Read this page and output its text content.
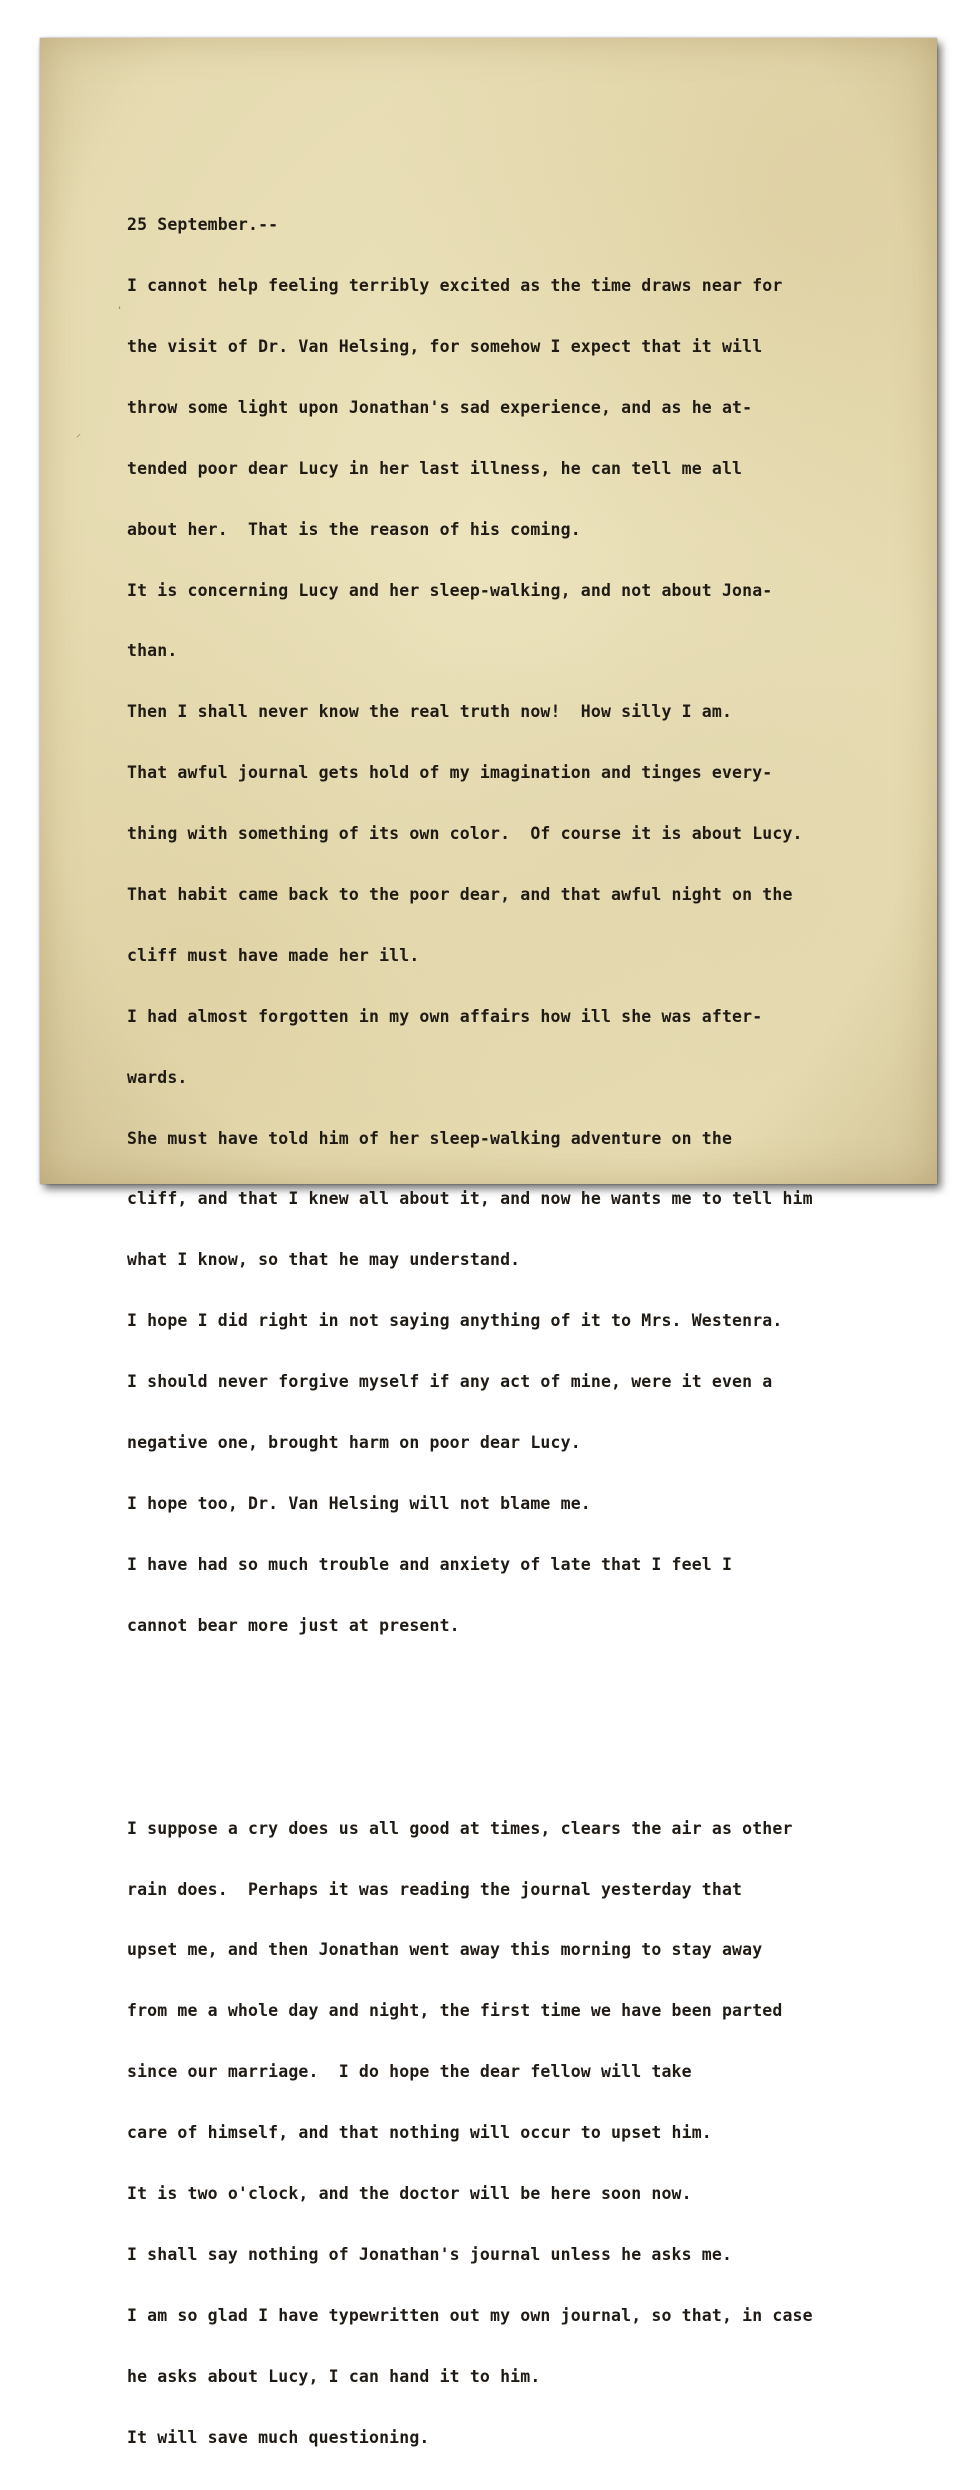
25 September.--

I cannot help feeling terribly excited as the time draws near for

the visit of Dr. Van Helsing, for somehow I expect that it will

throw some light upon Jonathan's sad experience, and as he at-

tended poor dear Lucy in her last illness, he can tell me all

about her.  That is the reason of his coming.

It is concerning Lucy and her sleep-walking, and not about Jona-

than.

Then I shall never know the real truth now!  How silly I am.

That awful journal gets hold of my imagination and tinges every-

thing with something of its own color.  Of course it is about Lucy.

That habit came back to the poor dear, and that awful night on the

cliff must have made her ill.

I had almost forgotten in my own affairs how ill she was after-

wards.

She must have told him of her sleep-walking adventure on the

cliff, and that I knew all about it, and now he wants me to tell him

what I know, so that he may understand.

I hope I did right in not saying anything of it to Mrs. Westenra.

I should never forgive myself if any act of mine, were it even a

negative one, brought harm on poor dear Lucy.

I hope too, Dr. Van Helsing will not blame me.

I have had so much trouble and anxiety of late that I feel I

cannot bear more just at present.

I suppose a cry does us all good at times, clears the air as other

rain does.  Perhaps it was reading the journal yesterday that

upset me, and then Jonathan went away this morning to stay away

from me a whole day and night, the first time we have been parted

since our marriage.  I do hope the dear fellow will take

care of himself, and that nothing will occur to upset him.

It is two o'clock, and the doctor will be here soon now.

I shall say nothing of Jonathan's journal unless he asks me.

I am so glad I have typewritten out my own journal, so that, in case

he asks about Lucy, I can hand it to him.

It will save much questioning.

⸍
,
